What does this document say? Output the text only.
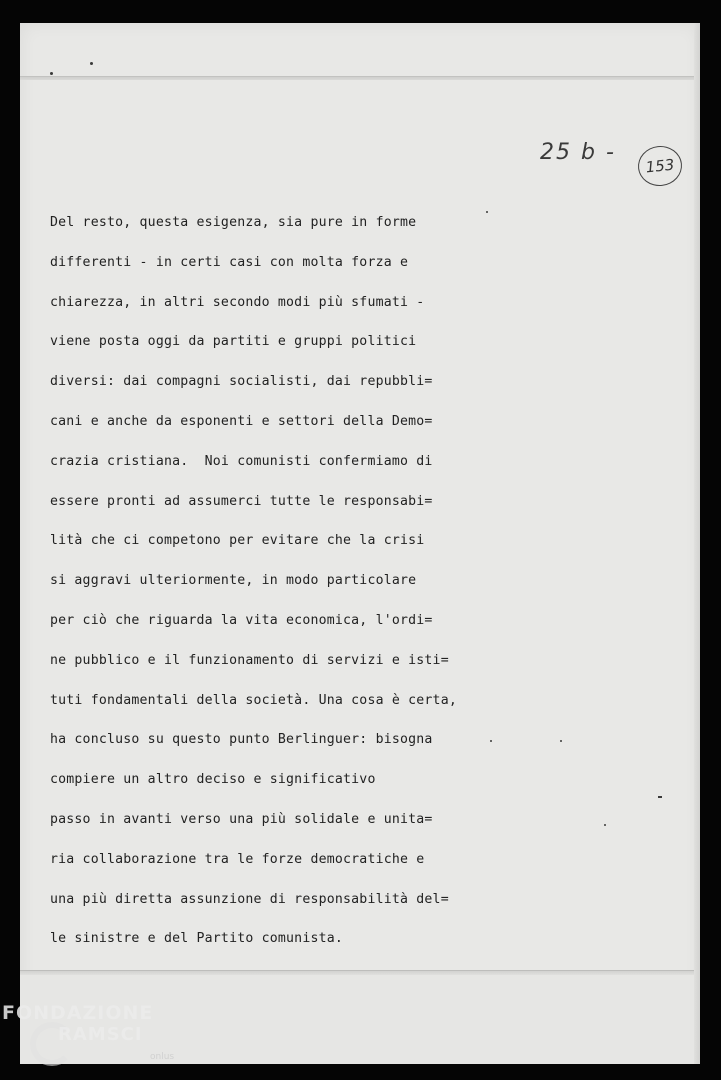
25 b -
153
Del resto, questa esigenza, sia pure in forme
differenti - in certi casi con molta forza e
chiarezza, in altri secondo modi più sfumati -
viene posta oggi da partiti e gruppi politici
diversi: dai compagni socialisti, dai repubbli=
cani e anche da esponenti e settori della Demo=
crazia cristiana.  Noi comunisti confermiamo di
essere pronti ad assumerci tutte le responsabi=
lità che ci competono per evitare che la crisi
si aggravi ulteriormente, in modo particolare
per ciò che riguarda la vita economica, l'ordi=
ne pubblico e il funzionamento di servizi e isti=
tuti fondamentali della società. Una cosa è certa,
ha concluso su questo punto Berlinguer: bisogna
compiere un altro deciso e significativo
passo in avanti verso una più solidale e unita=
ria collaborazione tra le forze democratiche e
una più diretta assunzione di responsabilità del=
le sinistre e del Partito comunista.
FONDAZIONE
RAMSCI
onlus
